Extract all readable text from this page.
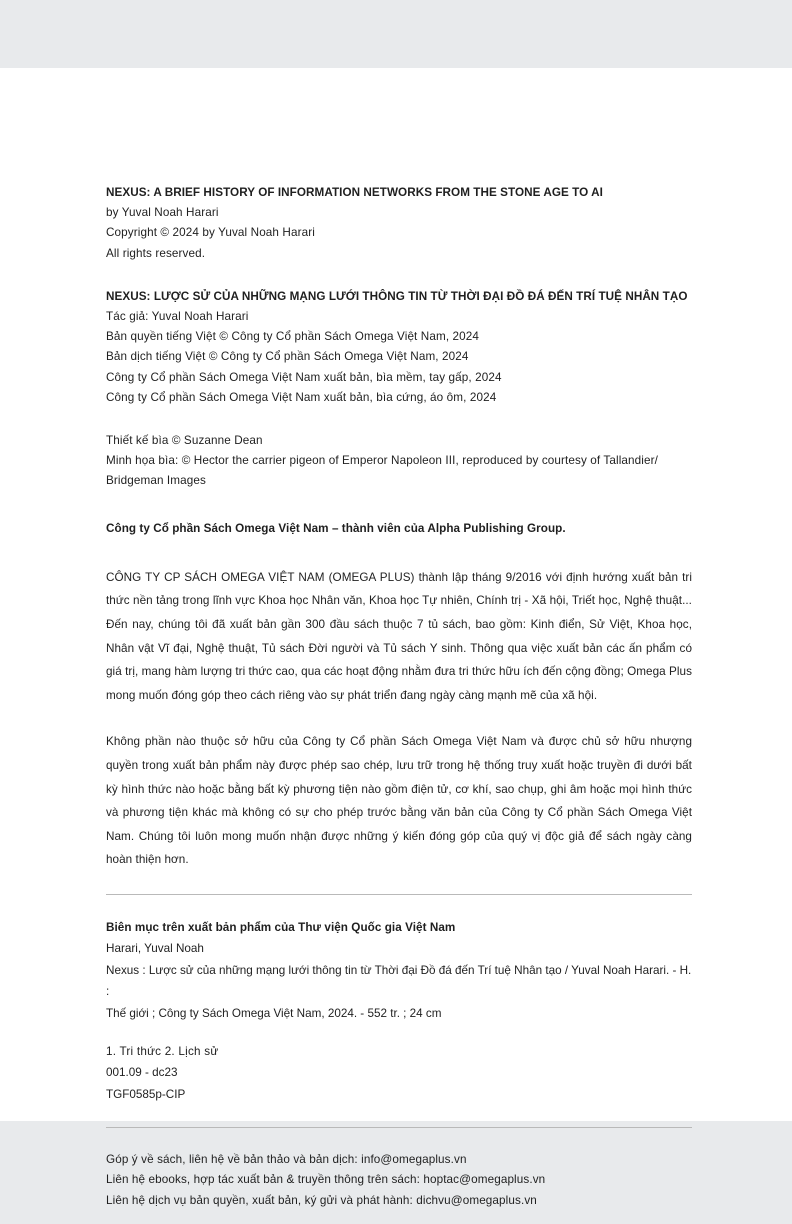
NEXUS: A BRIEF HISTORY OF INFORMATION NETWORKS FROM THE STONE AGE TO AI
by Yuval Noah Harari
Copyright © 2024 by Yuval Noah Harari
All rights reserved.
NEXUS: LƯỢC SỬ CỦA NHỮNG MẠNG LƯỚI THÔNG TIN TỪ THỜI ĐẠI ĐỒ ĐÁ ĐẾN TRÍ TUỆ NHÂN TẠO
Tác giả: Yuval Noah Harari
Bản quyền tiếng Việt © Công ty Cổ phần Sách Omega Việt Nam, 2024
Bản dịch tiếng Việt © Công ty Cổ phần Sách Omega Việt Nam, 2024
Công ty Cổ phần Sách Omega Việt Nam xuất bản, bìa mềm, tay gấp, 2024
Công ty Cổ phần Sách Omega Việt Nam xuất bản, bìa cứng, áo ôm, 2024
Thiết kế bìa © Suzanne Dean
Minh họa bìa: © Hector the carrier pigeon of Emperor Napoleon III, reproduced by courtesy of Tallandier/
Bridgeman Images
Công ty Cổ phần Sách Omega Việt Nam – thành viên của Alpha Publishing Group.
CÔNG TY CP SÁCH OMEGA VIỆT NAM (OMEGA PLUS) thành lập tháng 9/2016 với định hướng xuất bản tri thức nền tảng trong lĩnh vực Khoa học Nhân văn, Khoa học Tự nhiên, Chính trị - Xã hội, Triết học, Nghệ thuật... Đến nay, chúng tôi đã xuất bản gần 300 đầu sách thuộc 7 tủ sách, bao gồm: Kinh điển, Sử Việt, Khoa học, Nhân vật Vĩ đại, Nghệ thuật, Tủ sách Đời người và Tủ sách Y sinh. Thông qua việc xuất bản các ấn phẩm có giá trị, mang hàm lượng tri thức cao, qua các hoạt động nhằm đưa tri thức hữu ích đến cộng đồng; Omega Plus mong muốn đóng góp theo cách riêng vào sự phát triển đang ngày càng mạnh mẽ của xã hội.
Không phần nào thuộc sở hữu của Công ty Cổ phần Sách Omega Việt Nam và được chủ sở hữu nhượng quyền trong xuất bản phẩm này được phép sao chép, lưu trữ trong hệ thống truy xuất hoặc truyền đi dưới bất kỳ hình thức nào hoặc bằng bất kỳ phương tiện nào gồm điện tử, cơ khí, sao chụp, ghi âm hoặc mọi hình thức và phương tiện khác mà không có sự cho phép trước bằng văn bản của Công ty Cổ phần Sách Omega Việt Nam. Chúng tôi luôn mong muốn nhận được những ý kiến đóng góp của quý vị độc giả để sách ngày càng hoàn thiện hơn.
Biên mục trên xuất bản phẩm của Thư viện Quốc gia Việt Nam
Harari, Yuval Noah
Nexus : Lược sử của những mạng lưới thông tin từ Thời đại Đồ đá đến Trí tuệ Nhân tạo / Yuval Noah Harari. - H. :
Thế giới ; Công ty Sách Omega Việt Nam, 2024. - 552 tr. ; 24 cm
1. Tri thức 2. Lịch sử
001.09 - dc23
TGF0585p-CIP
Góp ý về sách, liên hệ về bản thảo và bản dịch: info@omegaplus.vn
Liên hệ ebooks, hợp tác xuất bản & truyền thông trên sách: hoptac@omegaplus.vn
Liên hệ dịch vụ bản quyền, xuất bản, ký gửi và phát hành: dichvu@omegaplus.vn
